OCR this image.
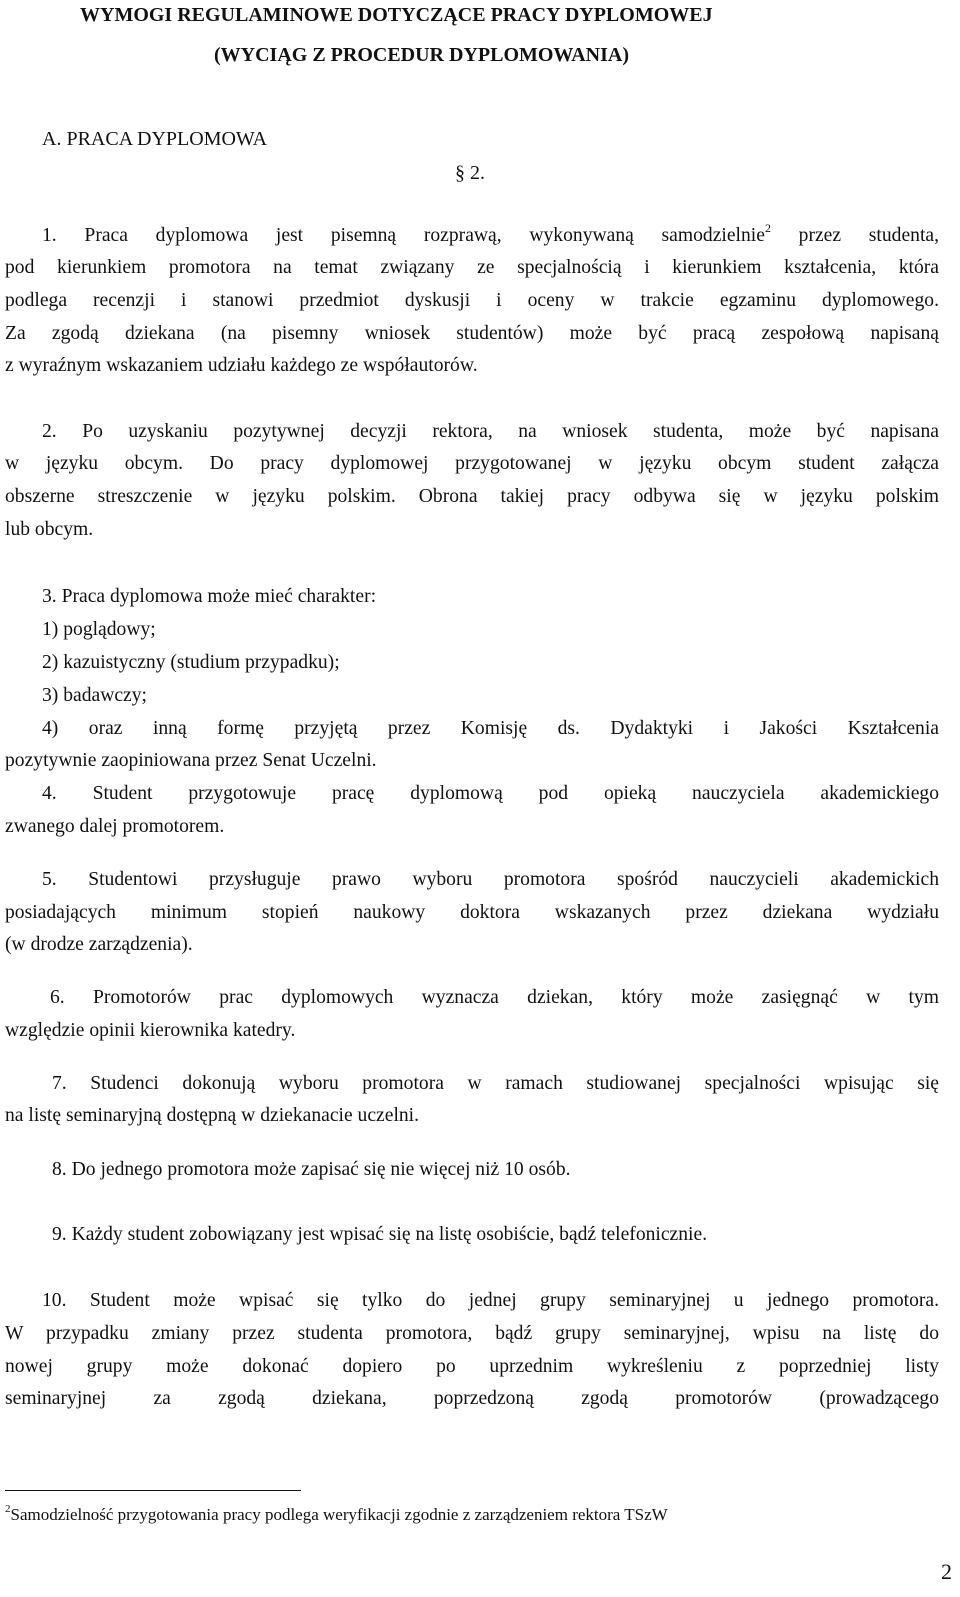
WYMOGI REGULAMINOWE DOTYCZĄCE PRACY DYPLOMOWEJ
(WYCIĄG Z PROCEDUR DYPLOMOWANIA)
A. PRACA DYPLOMOWA
§ 2.
1. Praca dyplomowa jest pisemną rozprawą, wykonywaną samodzielnie$^2$ przez studenta,
pod kierunkiem promotora na temat związany ze specjalnością i kierunkiem kształcenia, która
podlega recenzji i stanowi przedmiot dyskusji i oceny w trakcie egzaminu dyplomowego.
Za zgodą dziekana (na pisemny wniosek studentów) może być pracą zespołową napisaną
z wyraźnym wskazaniem udziału każdego ze współautorów.
2. Po uzyskaniu pozytywnej decyzji rektora, na wniosek studenta, może być napisana
w języku obcym. Do pracy dyplomowej przygotowanej w języku obcym student załącza
obszerne streszczenie w języku polskim. Obrona takiej pracy odbywa się w języku polskim
lub obcym.
3. Praca dyplomowa może mieć charakter:
1) poglądowy;
2) kazuistyczny (studium przypadku);
3) badawczy;
4) oraz inną formę przyjętą przez Komisję ds. Dydaktyki i Jakości Kształcenia
pozytywnie zaopiniowana przez Senat Uczelni.
4. Student przygotowuje pracę dyplomową pod opieką nauczyciela akademickiego
zwanego dalej promotorem.
5. Studentowi przysługuje prawo wyboru promotora spośród nauczycieli akademickich
posiadających minimum stopień naukowy doktora wskazanych przez dziekana wydziału
(w drodze zarządzenia).
6. Promotorów prac dyplomowych wyznacza dziekan, który może zasięgnąć w tym
względzie opinii kierownika katedry.
7. Studenci dokonują wyboru promotora w ramach studiowanej specjalności wpisując się
na listę seminaryjną dostępną w dziekanacie uczelni.
8. Do jednego promotora może zapisać się nie więcej niż 10 osób.
9. Każdy student zobowiązany jest wpisać się na listę osobiście, bądź telefonicznie.
10. Student może wpisać się tylko do jednej grupy seminaryjnej u jednego promotora.
W przypadku zmiany przez studenta promotora, bądź grupy seminaryjnej, wpisu na listę do
nowej grupy może dokonać dopiero po uprzednim wykreśleniu z poprzedniej listy
seminaryjnej za zgodą dziekana, poprzedzoną zgodą promotorów (prowadzącego
$^2$Samodzielność przygotowania pracy podlega weryfikacji zgodnie z zarządzeniem rektora TSzW
2
